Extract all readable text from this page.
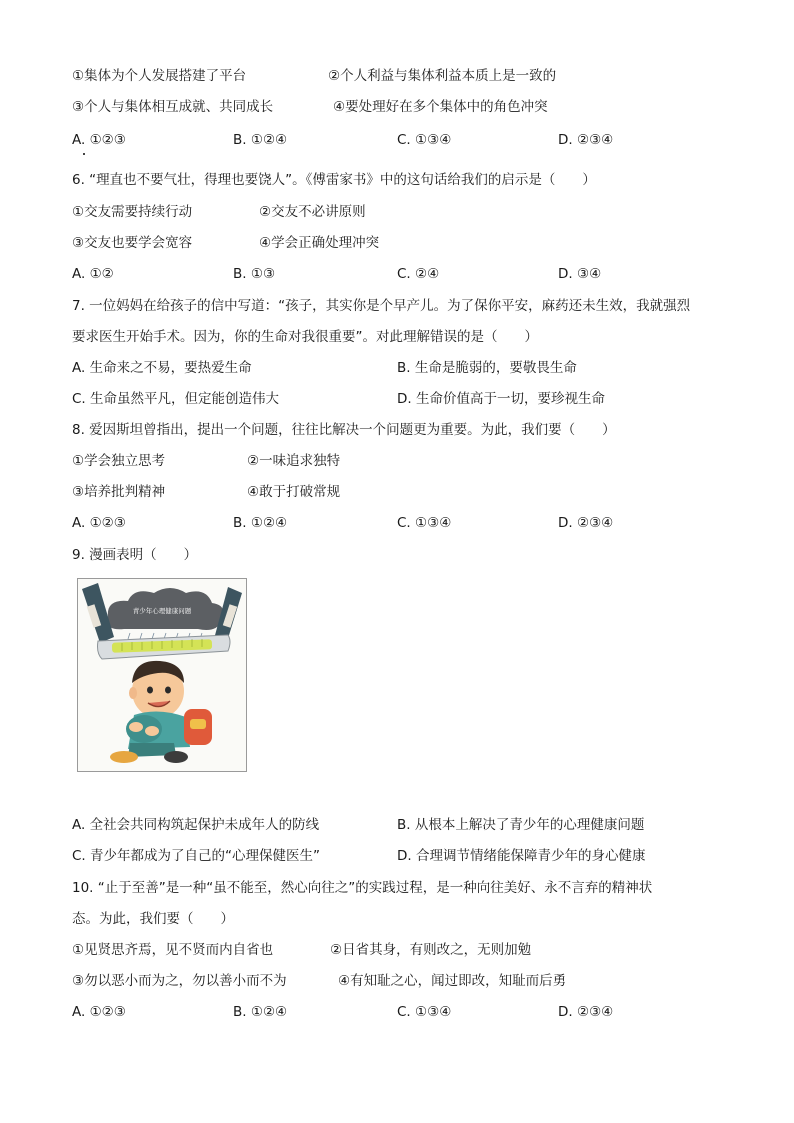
①集体为个人发展搭建了平台	②个人利益与集体利益本质上是一致的
③个人与集体相互成就、共同成长	④要处理好在多个集体中的角色冲突
A. ①②③	B. ①②④	C. ①③④	D. ②③④
6. “理直也不要气壮，得理也要饶人”。《傅雷家书》中的这句话给我们的启示是（　　）
①交友需要持续行动	②交友不必讲原则
③交友也要学会宽容	④学会正确处理冲突
A. ①②	B. ①③	C. ②④	D. ③④
7. 一位妈妈在给孩子的信中写道：“孩子，其实你是个早产儿。为了保你平安，麻药还未生效，我就强烈
要求医生开始手术。因为，你的生命对我很重要”。对此理解错误的是（　　）
A. 生命来之不易，要热爱生命	B. 生命是脆弱的，要敬畏生命
C. 生命虽然平凡，但定能创造伟大	D. 生命价值高于一切，要珍视生命
8. 爱因斯坦曾指出，提出一个问题，往往比解决一个问题更为重要。为此，我们要（　　）
①学会独立思考	②一味追求独特
③培养批判精神	④敢于打破常规
A. ①②③	B. ①②④	C. ①③④	D. ②③④
9. 漫画表明（　　）
青少年心理健康问题
A. 全社会共同构筑起保护未成年人的防线	B. 从根本上解决了青少年的心理健康问题
C. 青少年都成为了自己的“心理保健医生”	D. 合理调节情绪能保障青少年的身心健康
10. “止于至善”是一种“虽不能至，然心向往之”的实践过程，是一种向往美好、永不言弃的精神状
态。为此，我们要（　　）
①见贤思齐焉，见不贤而内自省也	②日省其身，有则改之，无则加勉
③勿以恶小而为之，勿以善小而不为	④有知耻之心，闻过即改，知耻而后勇
A. ①②③	B. ①②④	C. ①③④	D. ②③④
